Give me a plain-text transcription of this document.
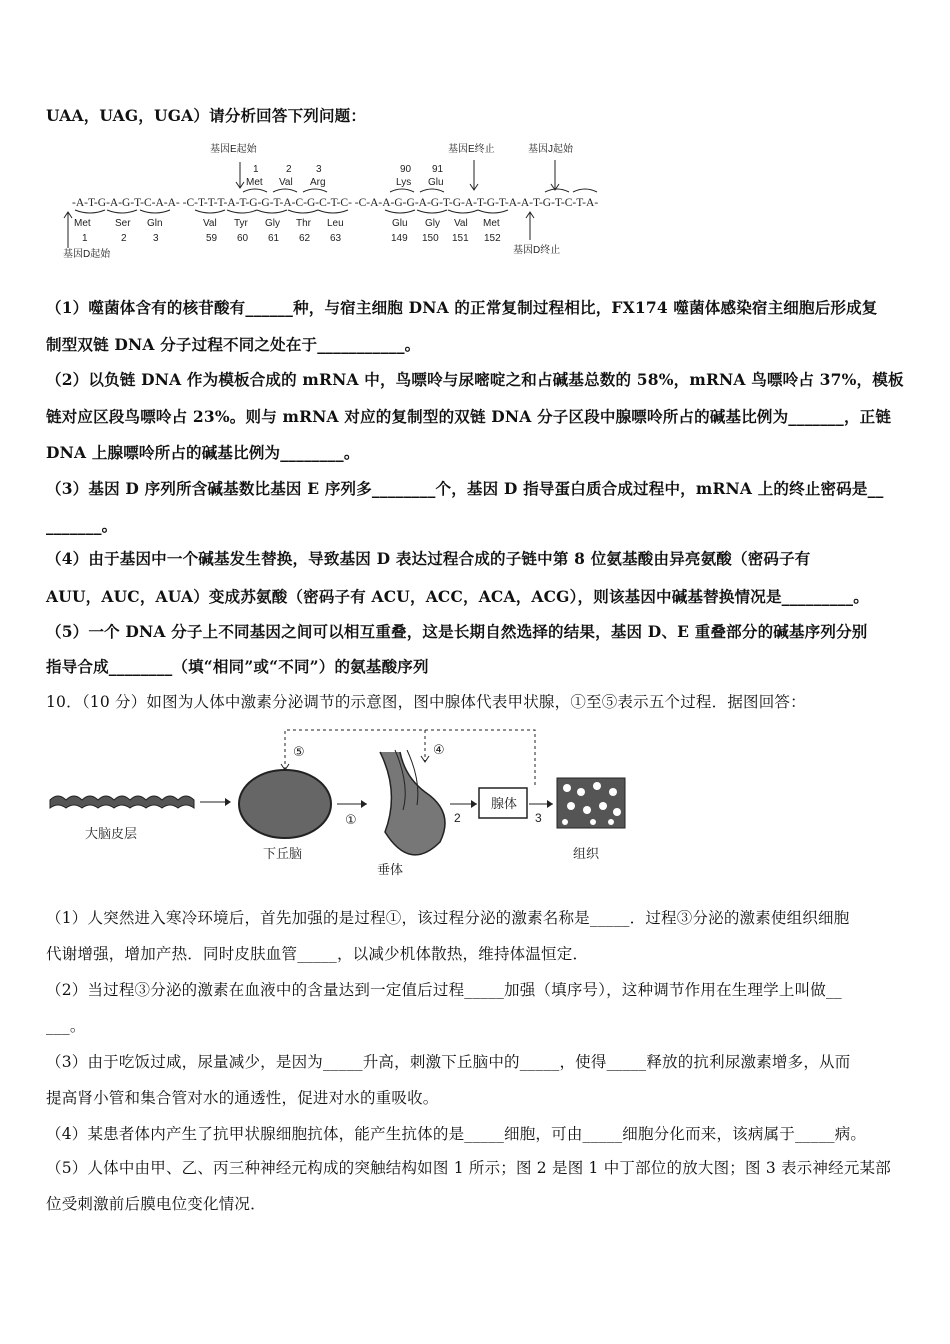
UAA，UAG，UGA）请分析回答下列问题：
基因E起始	基因E终止	基因J起始
1	2 3	90 91
Met Val Arg	Lys Glu
-A-T-G-A-G-T-C-A-A- -C-T-T-T-A-T-G-G-T-A-C-G-C-T-C- -C-A-A-G-G-A-G-T-G-A-T-G-T-A-A-T-G-T-C-T-A-
Met Ser Gln	Val Tyr Gly Thr Leu	Glu Gly Val Met
1	2	3	59 60 61 62 63	149 150 151 152
基因D起始	基因D终止
（1）噬菌体含有的核苷酸有______种，与宿主细胞 DNA 的正常复制过程相比，FX174 噬菌体感染宿主细胞后形成复
制型双链 DNA 分子过程不同之处在于___________。
（2）以负链 DNA 作为模板合成的 mRNA 中，鸟嘌呤与尿嘧啶之和占碱基总数的 58%，mRNA 鸟嘌呤占 37%，模板
链对应区段鸟嘌呤占 23%。则与 mRNA 对应的复制型的双链 DNA 分子区段中腺嘌呤所占的碱基比例为_______，正链
DNA 上腺嘌呤所占的碱基比例为________。
（3）基因 D 序列所含碱基数比基因 E 序列多________个，基因 D 指导蛋白质合成过程中，mRNA 上的终止密码是__
_______。
（4）由于基因中一个碱基发生替换，导致基因 D 表达过程合成的子链中第 8 位氨基酸由异亮氨酸（密码子有
AUU，AUC，AUA）变成苏氨酸（密码子有 ACU，ACC，ACA，ACG），则该基因中碱基替换情况是_________。
（5）一个 DNA 分子上不同基因之间可以相互重叠，这是长期自然选择的结果，基因 D、E 重叠部分的碱基序列分别
指导合成________（填“相同”或“不同”）的氨基酸序列
10．（10 分）如图为人体中激素分泌调节的示意图，图中腺体代表甲状腺，①至⑤表示五个过程．据图回答：
大脑皮层
下丘脑
①
垂体
2
腺体
3
组织
⑤	④
（1）人突然进入寒冷环境后，首先加强的是过程①，该过程分泌的激素名称是_____．过程③分泌的激素使组织细胞
代谢增强，增加产热．同时皮肤血管_____，以减少机体散热，维持体温恒定．
（2）当过程③分泌的激素在血液中的含量达到一定值后过程_____加强（填序号），这种调节作用在生理学上叫做__
___。
（3）由于吃饭过咸，尿量减少，是因为_____升高，刺激下丘脑中的_____，使得_____释放的抗利尿激素增多，从而
提高肾小管和集合管对水的通透性，促进对水的重吸收。
（4）某患者体内产生了抗甲状腺细胞抗体，能产生抗体的是_____细胞，可由_____细胞分化而来，该病属于_____病。
（5）人体中由甲、乙、丙三种神经元构成的突触结构如图 1 所示；图 2 是图 1 中丁部位的放大图；图 3 表示神经元某部
位受刺激前后膜电位变化情况．
